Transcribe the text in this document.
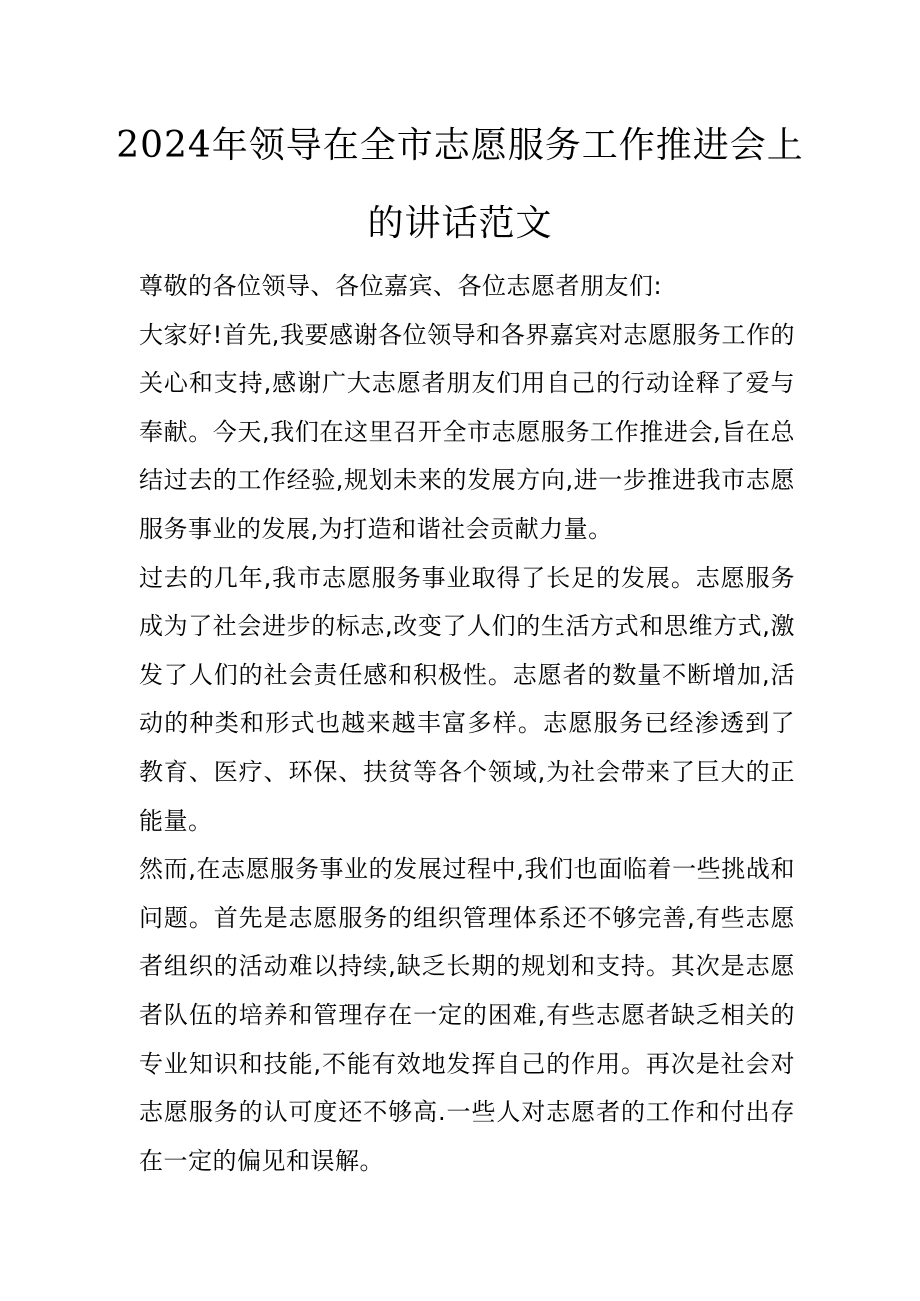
2024年领导在全市志愿服务工作推进会上
的讲话范文

尊敬的各位领导、各位嘉宾、各位志愿者朋友们:

大家好!首先,我要感谢各位领导和各界嘉宾对志愿服务工作的关心和支持,感谢广大志愿者朋友们用自己的行动诠释了爱与奉献。今天,我们在这里召开全市志愿服务工作推进会,旨在总结过去的工作经验,规划未来的发展方向,进一步推进我市志愿服务事业的发展,为打造和谐社会贡献力量。

过去的几年,我市志愿服务事业取得了长足的发展。志愿服务成为了社会进步的标志,改变了人们的生活方式和思维方式,激发了人们的社会责任感和积极性。志愿者的数量不断增加,活动的种类和形式也越来越丰富多样。志愿服务已经渗透到了教育、医疗、环保、扶贫等各个领域,为社会带来了巨大的正能量。

然而,在志愿服务事业的发展过程中,我们也面临着一些挑战和问题。首先是志愿服务的组织管理体系还不够完善,有些志愿者组织的活动难以持续,缺乏长期的规划和支持。其次是志愿者队伍的培养和管理存在一定的困难,有些志愿者缺乏相关的专业知识和技能,不能有效地发挥自己的作用。再次是社会对志愿服务的认可度还不够高.一些人对志愿者的工作和付出存在一定的偏见和误解。
